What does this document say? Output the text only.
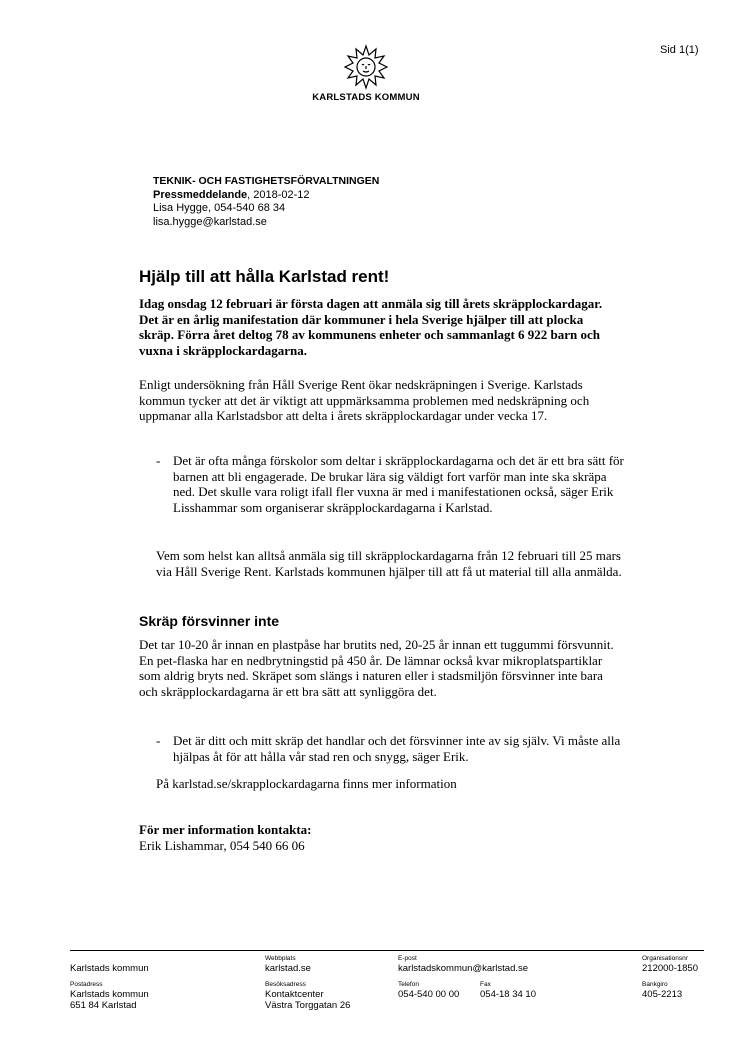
Sid 1(1)
KARLSTADS KOMMUN
TEKNIK- OCH FASTIGHETSFÖRVALTNINGEN
Pressmeddelande, 2018-02-12
Lisa Hygge, 054-540 68 34
lisa.hygge@karlstad.se
Hjälp till att hålla Karlstad rent!
Idag onsdag 12 februari är första dagen att anmäla sig till årets skräpplockardagar. Det är en årlig manifestation där kommuner i hela Sverige hjälper till att plocka skräp. Förra året deltog 78 av kommunens enheter och sammanlagt 6 922 barn och vuxna i skräpplockardagarna.
Enligt undersökning från Håll Sverige Rent ökar nedskräpningen i Sverige. Karlstads kommun tycker att det är viktigt att uppmärksamma problemen med nedskräpning och uppmanar alla Karlstadsbor att delta i årets skräpplockardagar under vecka 17.
- Det är ofta många förskolor som deltar i skräpplockardagarna och det är ett bra sätt för barnen att bli engagerade. De brukar lära sig väldigt fort varför man inte ska skräpa ned. Det skulle vara roligt ifall fler vuxna är med i manifestationen också, säger Erik Lisshammar som organiserar skräpplockardagarna i Karlstad.
Vem som helst kan alltså anmäla sig till skräpplockardagarna från 12 februari till 25 mars via Håll Sverige Rent. Karlstads kommunen hjälper till att få ut material till alla anmälda.
Skräp försvinner inte
Det tar 10-20 år innan en plastpåse har brutits ned, 20-25 år innan ett tuggummi försvunnit. En pet-flaska har en nedbrytningstid på 450 år. De lämnar också kvar mikroplatspartiklar som aldrig bryts ned. Skräpet som slängs i naturen eller i stadsmiljön försvinner inte bara och skräpplockardagarna är ett bra sätt att synliggöra det.
- Det är ditt och mitt skräp det handlar och det försvinner inte av sig själv. Vi måste alla hjälpas åt för att hålla vår stad ren och snygg, säger Erik.
På karlstad.se/skrapplockardagarna finns mer information
För mer information kontakta:
Erik Lishammar, 054 540 66 06

Karlstads kommun
Webbplats
karlstad.se
E-post
karlstadskommun@karlstad.se
Organisationsnr
212000-1850
Postadress
Karlstads kommun
651 84 Karlstad
Besöksadress
Kontaktcenter
Västra Torggatan 26
Telefon
054-540 00 00
Fax
054-18 34 10
Bankgiro
405-2213
